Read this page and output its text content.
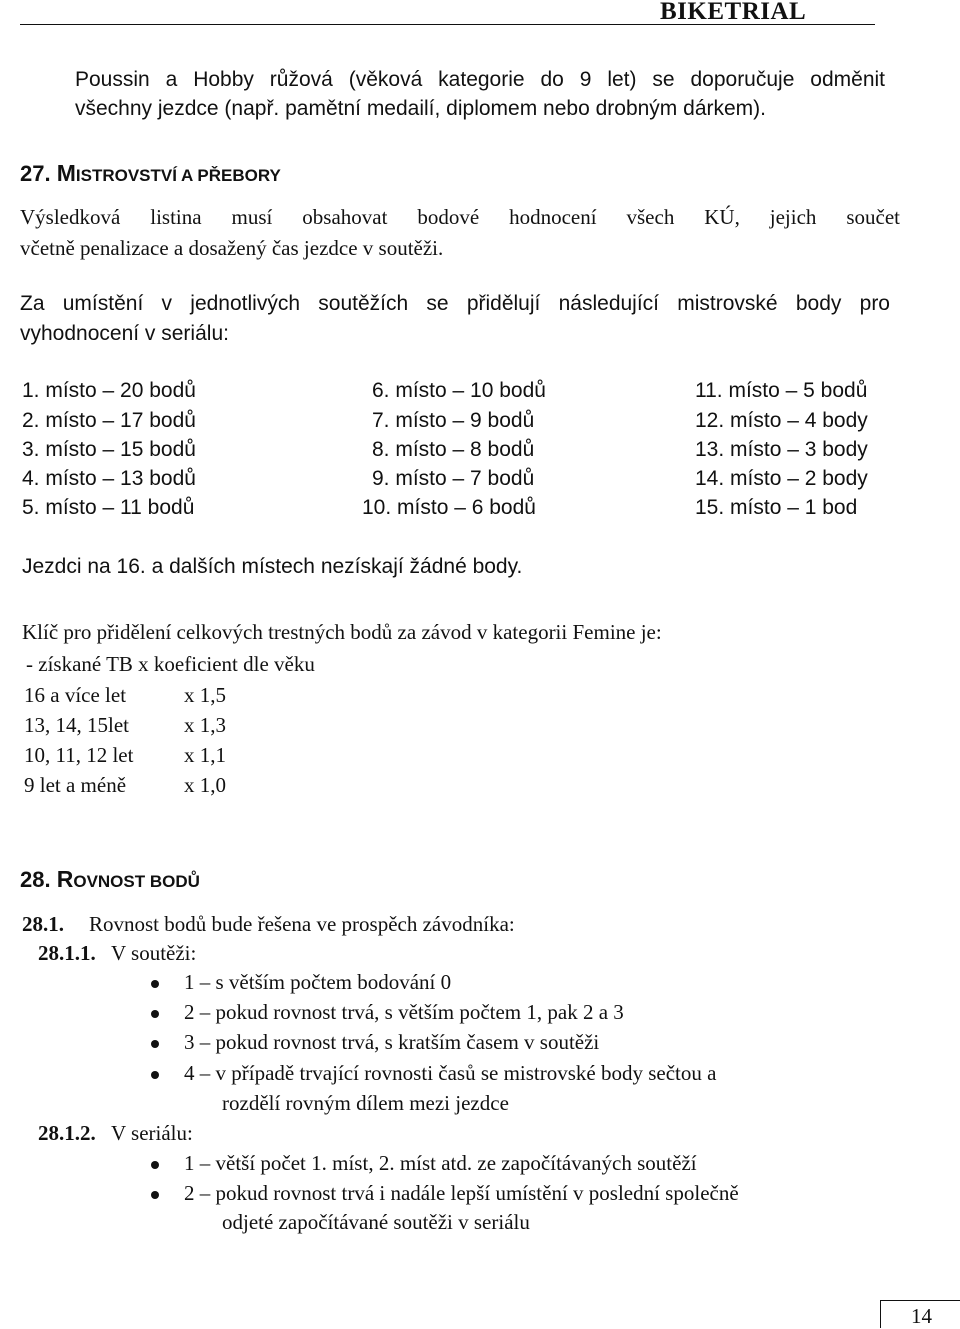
BIKETRIAL
Poussin a Hobby růžová (věková kategorie do 9 let) se doporučuje odměnit
všechny jezdce (např. pamětní medailí, diplomem nebo drobným dárkem).
27. MISTROVSTVÍ A PŘEBORY
Výsledková listina musí obsahovat bodové hodnocení všech KÚ, jejich součet
včetně penalizace a dosažený čas jezdce v soutěži.
Za umístění v jednotlivých soutěžích se přidělují následující mistrovské body pro
vyhodnocení v seriálu:
1. místo – 20 bodů	6. místo – 10 bodů	11. místo – 5 bodů
2. místo – 17 bodů	7. místo – 9 bodů	12. místo – 4 body
3. místo – 15 bodů	8. místo – 8 bodů	13. místo – 3 body
4. místo – 13 bodů	9. místo – 7 bodů	14. místo – 2 body
5. místo – 11 bodů	10. místo – 6 bodů	15. místo – 1 bod
Jezdci na 16. a dalších místech nezískají žádné body.
Klíč pro přidělení celkových trestných bodů za závod v kategorii Femine je:
- získané TB x koeficient dle věku
16 a více let	x 1,5
13, 14, 15let	x 1,3
10, 11, 12 let x 1,1
9 let a méně	x 1,0
28. ROVNOST BODŮ
28.1. Rovnost bodů bude řešena ve prospěch závodníka:
28.1.1. V soutěži:
1 – s větším počtem bodování 0
2 – pokud rovnost trvá, s větším počtem 1, pak 2 a 3
3 – pokud rovnost trvá, s kratším časem v soutěži
4 – v případě trvající rovnosti časů se mistrovské body sečtou a
rozdělí rovným dílem mezi jezdce
28.1.2. V seriálu:
1 – větší počet 1. míst, 2. míst atd. ze započítávaných soutěží
2 – pokud rovnost trvá i nadále lepší umístění v poslední společně
odjeté započítávané soutěži v seriálu
14
